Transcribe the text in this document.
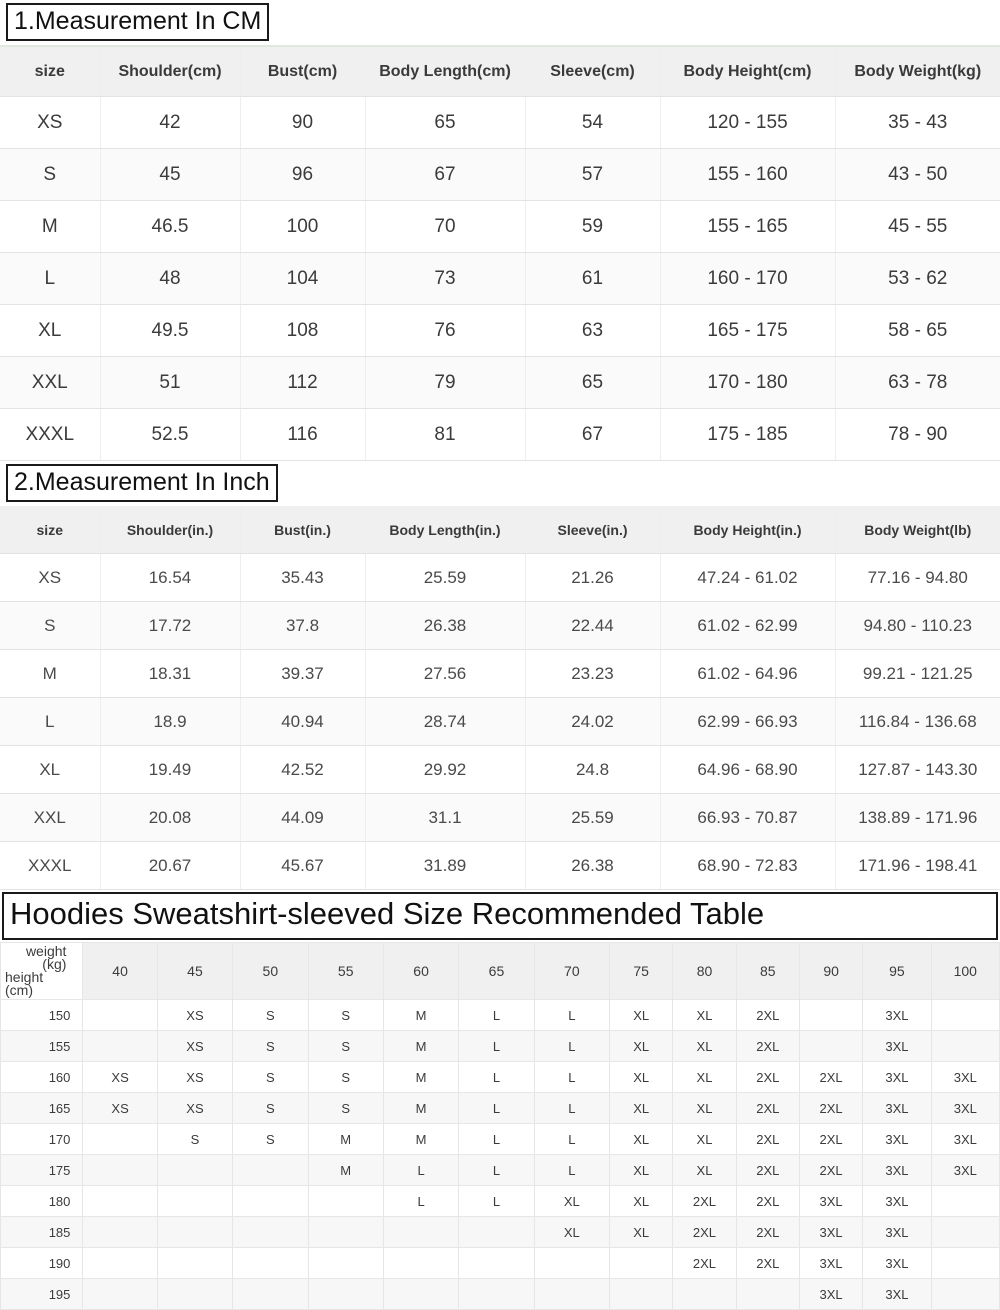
1.Measurement In CM
size	Shoulder(cm)	Bust(cm)	Body Length(cm)	Sleeve(cm)	Body Height(cm)	Body Weight(kg)
XS	42	90	65	54	120 - 155	35 - 43
S	45	96	67	57	155 - 160	43 - 50
M	46.5	100	70	59	155 - 165	45 - 55
L	48	104	73	61	160 - 170	53 - 62
XL	49.5	108	76	63	165 - 175	58 - 65
XXL	51	112	79	65	170 - 180	63 - 78
XXXL	52.5	116	81	67	175 - 185	78 - 90
2.Measurement In Inch
size	Shoulder(in.)	Bust(in.)	Body Length(in.)	Sleeve(in.)	Body Height(in.)	Body Weight(lb)
XS	16.54	35.43	25.59	21.26	47.24 - 61.02	77.16 - 94.80
S	17.72	37.8	26.38	22.44	61.02 - 62.99	94.80 - 110.23
M	18.31	39.37	27.56	23.23	61.02 - 64.96	99.21 - 121.25
L	18.9	40.94	28.74	24.02	62.99 - 66.93	116.84 - 136.68
XL	19.49	42.52	29.92	24.8	64.96 - 68.90	127.87 - 143.30
XXL	20.08	44.09	31.1	25.59	66.93 - 70.87	138.89 - 171.96
XXXL	20.67	45.67	31.89	26.38	68.90 - 72.83	171.96 - 198.41
Hoodies Sweatshirt-sleeved Size Recommended Table
weight (kg)
height (cm)	40	45	50	55	60	65	70	75	80	85	90	95	100
150		XS	S	S	M	L	L	XL	XL	2XL		3XL	
155		XS	S	S	M	L	L	XL	XL	2XL		3XL	
160	XS	XS	S	S	M	L	L	XL	XL	2XL	2XL	3XL	3XL
165	XS	XS	S	S	M	L	L	XL	XL	2XL	2XL	3XL	3XL
170		S	S	M	M	L	L	XL	XL	2XL	2XL	3XL	3XL
175				M	L	L	L	XL	XL	2XL	2XL	3XL	3XL
180					L	L	XL	XL	2XL	2XL	3XL	3XL	
185							XL	XL	2XL	2XL	3XL	3XL	
190									2XL	2XL	3XL	3XL	
195											3XL	3XL	
